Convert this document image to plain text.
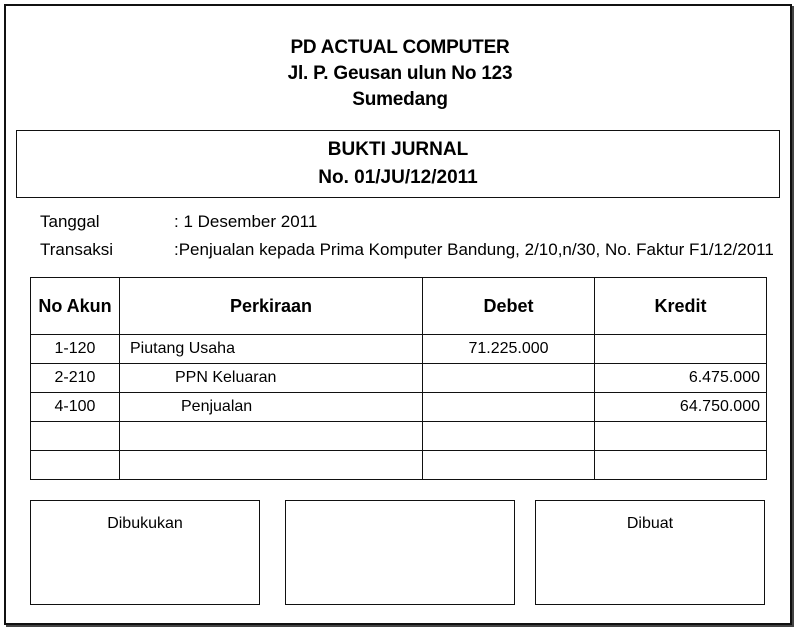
PD ACTUAL COMPUTER
Jl. P. Geusan ulun No 123
Sumedang
BUKTI JURNAL
No. 01/JU/12/2011
Tanggal	: 1 Desember 2011
Transaksi	:Penjualan kepada Prima Komputer Bandung, 2/10,n/30, No. Faktur F1/12/2011
No Akun	Perkiraan	Debet	Kredit
1-120	Piutang Usaha	71.225.000	
2-210	PPN Keluaran		6.475.000
4-100	Penjualan		64.750.000

Dibukukan	Dibuat
